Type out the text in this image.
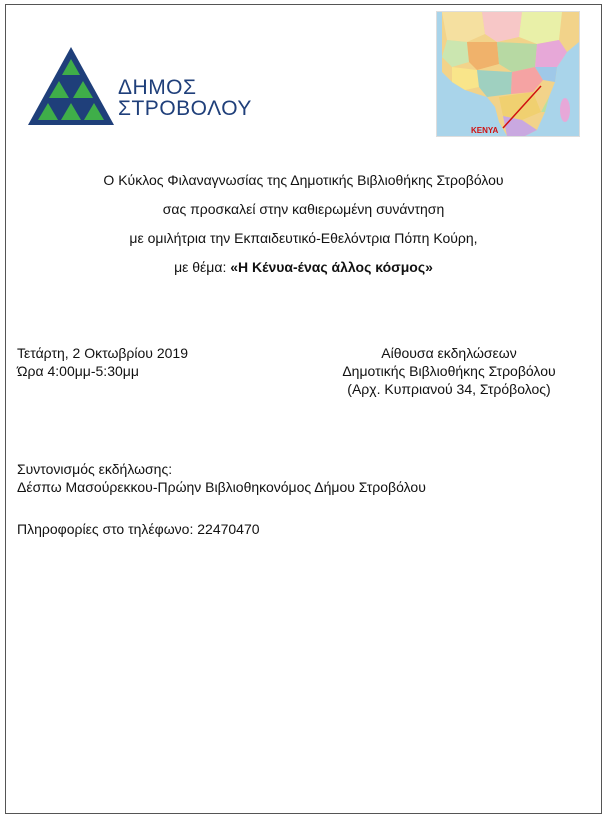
ΔΗΜΟΣ
ΣΤΡΟΒΟΛΟΥ
KENYA
Ο Κύκλος Φιλαναγνωσίας της Δημοτικής Βιβλιοθήκης Στροβόλου
σας προσκαλεί στην καθιερωμένη συνάντηση
με ομιλήτρια την Εκπαιδευτικό-Εθελόντρια Πόπη Κούρη,
με θέμα: «Η Κένυα-ένας άλλος κόσμος»
Τετάρτη, 2 Οκτωβρίου 2019
Ώρα 4:00μμ-5:30μμ
Αίθουσα εκδηλώσεων
Δημοτικής Βιβλιοθήκης Στροβόλου
(Αρχ. Κυπριανού 34, Στρόβολος)
Συντονισμός εκδήλωσης:
Δέσπω Μασούρεκκου-Πρώην Βιβλιοθηκονόμος Δήμου Στροβόλου
Πληροφορίες στο τηλέφωνο: 22470470
